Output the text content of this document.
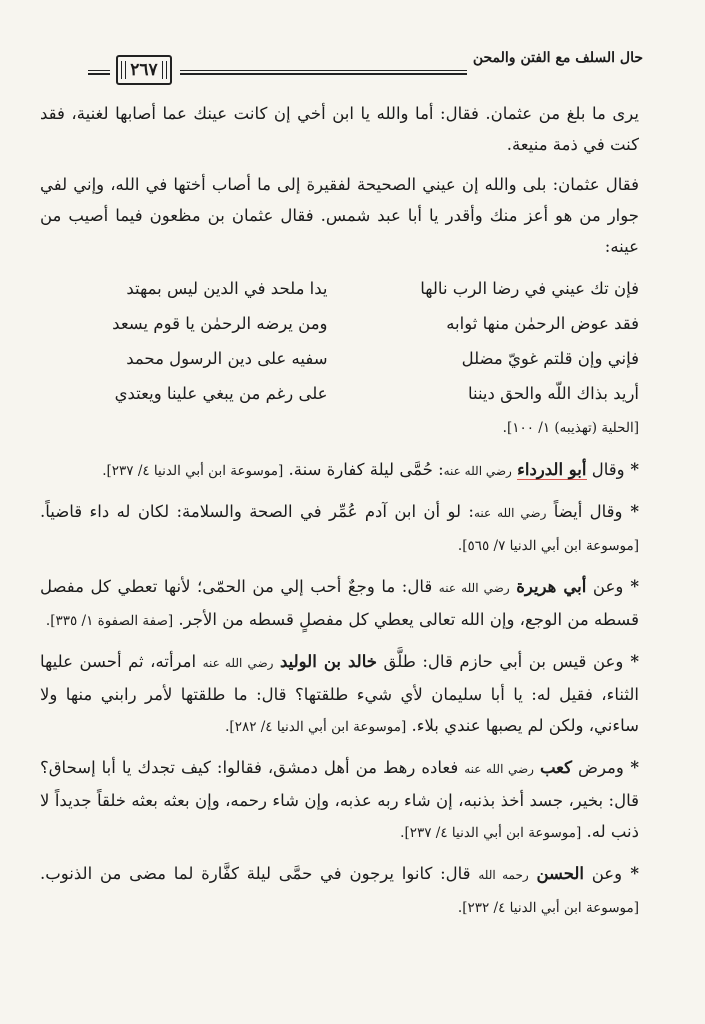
حال السلف مع الفتن والمحن
٢٦٧

يرى ما بلغ من عثمان. فقال: أما والله يا ابن أخي إن كانت عينك عما أصابها لغنية، فقد كنت في ذمة منيعة.

فقال عثمان: بلى والله إن عيني الصحيحة لفقيرة إلى ما أصاب أختها في الله، وإني لفي جوار من هو أعز منك وأقدر يا أبا عبد شمس. فقال عثمان بن مظعون فيما أصيب من عينه:

فإن تك عيني في رضا الرب نالها
يدا ملحد في الدين ليس بمهتد
فقد عوض الرحمٰن منها ثوابه
ومن يرضه الرحمٰن يا قوم يسعد
فإني وإن قلتم غويّ مضلل
سفيه على دين الرسول محمد
أريد بذاك اللّه والحق ديننا
على رغم من يبغي علينا ويعتدي
[الحلية (تهذيبه) ١/ ١٠٠].

* وقال أبو الدرداء رضي الله عنه: حُمَّى ليلة كفارة سنة. [موسوعة ابن أبي الدنيا ٤/ ٢٣٧].

* وقال أيضاً رضي الله عنه: لو أن ابن آدم عُمِّر في الصحة والسلامة: لكان له داء قاضياً. [موسوعة ابن أبي الدنيا ٧/ ٥٦٥].

* وعن أبي هريرة رضي الله عنه قال: ما وجعٌ أحب إلي من الحمّى؛ لأنها تعطي كل مفصل قسطه من الوجع، وإن الله تعالى يعطي كل مفصلٍ قسطه من الأجر. [صفة الصفوة ١/ ٣٣٥].

* وعن قيس بن أبي حازم قال: طلَّق خالد بن الوليد رضي الله عنه امرأته، ثم أحسن عليها الثناء، فقيل له: يا أبا سليمان لأي شيء طلقتها؟ قال: ما طلقتها لأمر رابني منها ولا ساءني، ولكن لم يصبها عندي بلاء. [موسوعة ابن أبي الدنيا ٤/ ٢٨٢].

* ومرض كعب رضي الله عنه فعاده رهط من أهل دمشق، فقالوا: كيف تجدك يا أبا إسحاق؟ قال: بخير، جسد أخذ بذنبه، إن شاء ربه عذبه، وإن شاء رحمه، وإن بعثه بعثه خلقاً جديداً لا ذنب له. [موسوعة ابن أبي الدنيا ٤/ ٢٣٧].

* وعن الحسن رحمه الله قال: كانوا يرجون في حمَّى ليلة كفَّارة لما مضى من الذنوب. [موسوعة ابن أبي الدنيا ٤/ ٢٣٢].
